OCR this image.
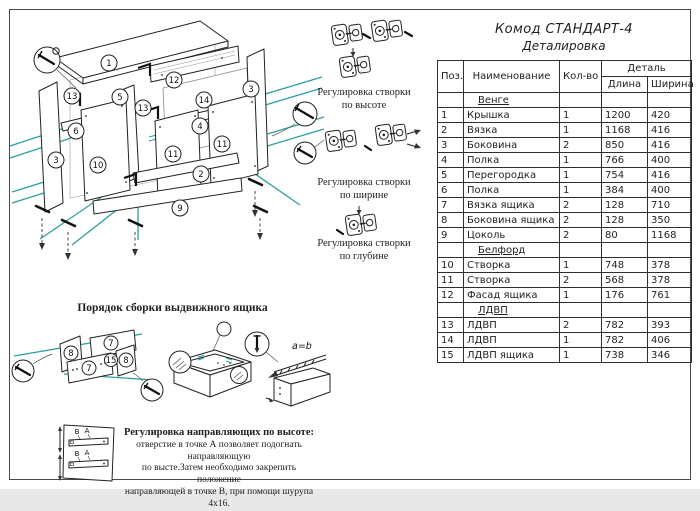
1
13	5
13
12
14
3
6	4
11
11
3	10
2
9
Регулировка створки
по высоте
Регулировка створки
по ширине
Регулировка створки
по глубине
Порядок сборки выдвижного ящика
8
7
7
15 8
a=b
В А
В А
Регулировка направляющих по высоте:
отверстие в точке А позволяет подогнать направляющую
по высте.Затем необходимо закрепить положение
направляющей в точке В, при помощи шурупа 4х16.
Комод СТАНДАРТ-4
Деталировка
Поз.	Наименование	Кол-во	Деталь	
			Длина	Ширина
	Венге			
1	Крышка	1	1200	420
2	Вязка	1	1168	416
3	Боковина	2	850	416
4	Полка	1	766	400
5	Перегородка	1	754	416
6	Полка	1	384	400
7	Вязка ящика	2	128	710
8	Боковина ящика	2	128	350
9	Цоколь	2	80	1168
	Белфорд			
10	Створка	1	748	378
11	Створка	2	568	378
12	Фасад ящика	1	176	761
	ЛДВП			
13	ЛДВП	2	782	393
14	ЛДВП	1	782	406
15	ЛДВП ящика	1	738	346
